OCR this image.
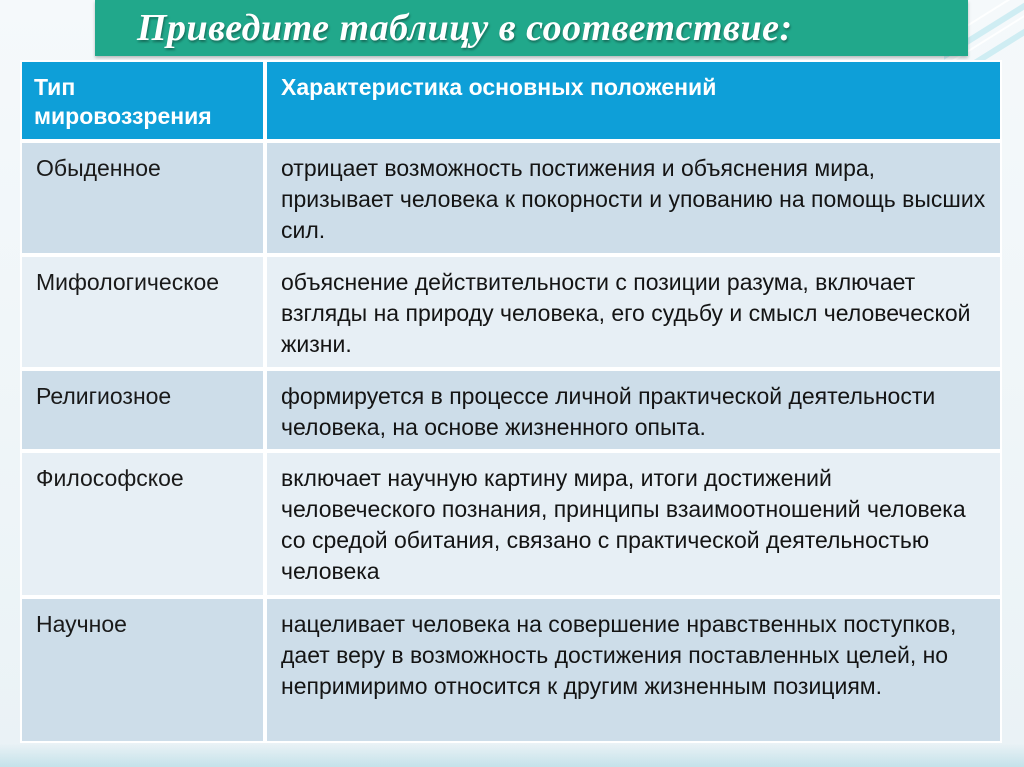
Приведите таблицу в соответствие:
Тип мировоззрения	Характеристика основных положений
Обыденное	отрицает возможность постижения и объяснения мира, призывает человека к покорности и упованию на помощь высших сил.
Мифологическое	объяснение действительности с позиции разума, включает взгляды на природу человека, его судьбу и смысл человеческой жизни.
Религиозное	формируется в процессе личной практической деятельности человека, на основе жизненного опыта.
Философское	включает научную картину мира, итоги достижений человеческого познания, принципы взаимоотношений человека со средой обитания, связано с практической деятельностью человека
Научное	нацеливает человека на совершение нравственных поступков, дает веру в возможность достижения поставленных целей, но непримиримо относится к другим жизненным позициям.
